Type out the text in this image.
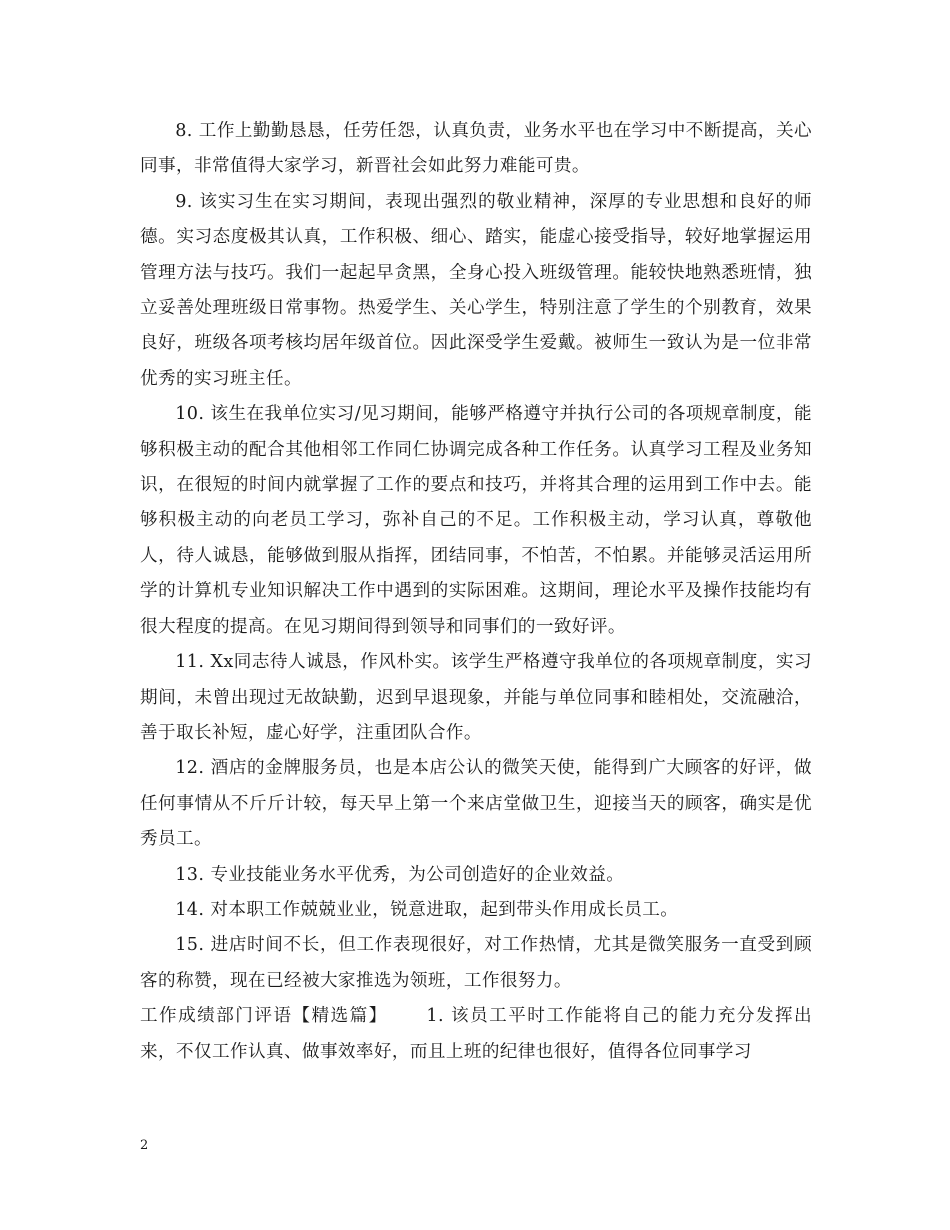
8. 工作上勤勤恳恳，任劳任怨，认真负责，业务水平也在学习中不断提高，关心同事，非常值得大家学习，新晋社会如此努力难能可贵。

9. 该实习生在实习期间，表现出强烈的敬业精神，深厚的专业思想和良好的师德。实习态度极其认真，工作积极、细心、踏实，能虚心接受指导，较好地掌握运用管理方法与技巧。我们一起起早贪黑，全身心投入班级管理。能较快地熟悉班情，独立妥善处理班级日常事物。热爱学生、关心学生，特别注意了学生的个别教育，效果良好，班级各项考核均居年级首位。因此深受学生爱戴。被师生一致认为是一位非常优秀的实习班主任。

10. 该生在我单位实习/见习期间，能够严格遵守并执行公司的各项规章制度，能够积极主动的配合其他相邻工作同仁协调完成各种工作任务。认真学习工程及业务知识，在很短的时间内就掌握了工作的要点和技巧，并将其合理的运用到工作中去。能够积极主动的向老员工学习，弥补自己的不足。工作积极主动，学习认真，尊敬他人，待人诚恳，能够做到服从指挥，团结同事，不怕苦，不怕累。并能够灵活运用所学的计算机专业知识解决工作中遇到的实际困难。这期间，理论水平及操作技能均有很大程度的提高。在见习期间得到领导和同事们的一致好评。

11. Xx同志待人诚恳，作风朴实。该学生严格遵守我单位的各项规章制度，实习期间，未曾出现过无故缺勤，迟到早退现象，并能与单位同事和睦相处，交流融洽，善于取长补短，虚心好学，注重团队合作。

12. 酒店的金牌服务员，也是本店公认的微笑天使，能得到广大顾客的好评，做任何事情从不斤斤计较，每天早上第一个来店堂做卫生，迎接当天的顾客，确实是优秀员工。

13. 专业技能业务水平优秀，为公司创造好的企业效益。

14. 对本职工作兢兢业业，锐意进取，起到带头作用成长员工。

15. 进店时间不长，但工作表现很好，对工作热情，尤其是微笑服务一直受到顾客的称赞，现在已经被大家推选为领班，工作很努力。

工作成绩部门评语【精选篇】 1. 该员工平时工作能将自己的能力充分发挥出来，不仅工作认真、做事效率好，而且上班的纪律也很好，值得各位同事学习

2
